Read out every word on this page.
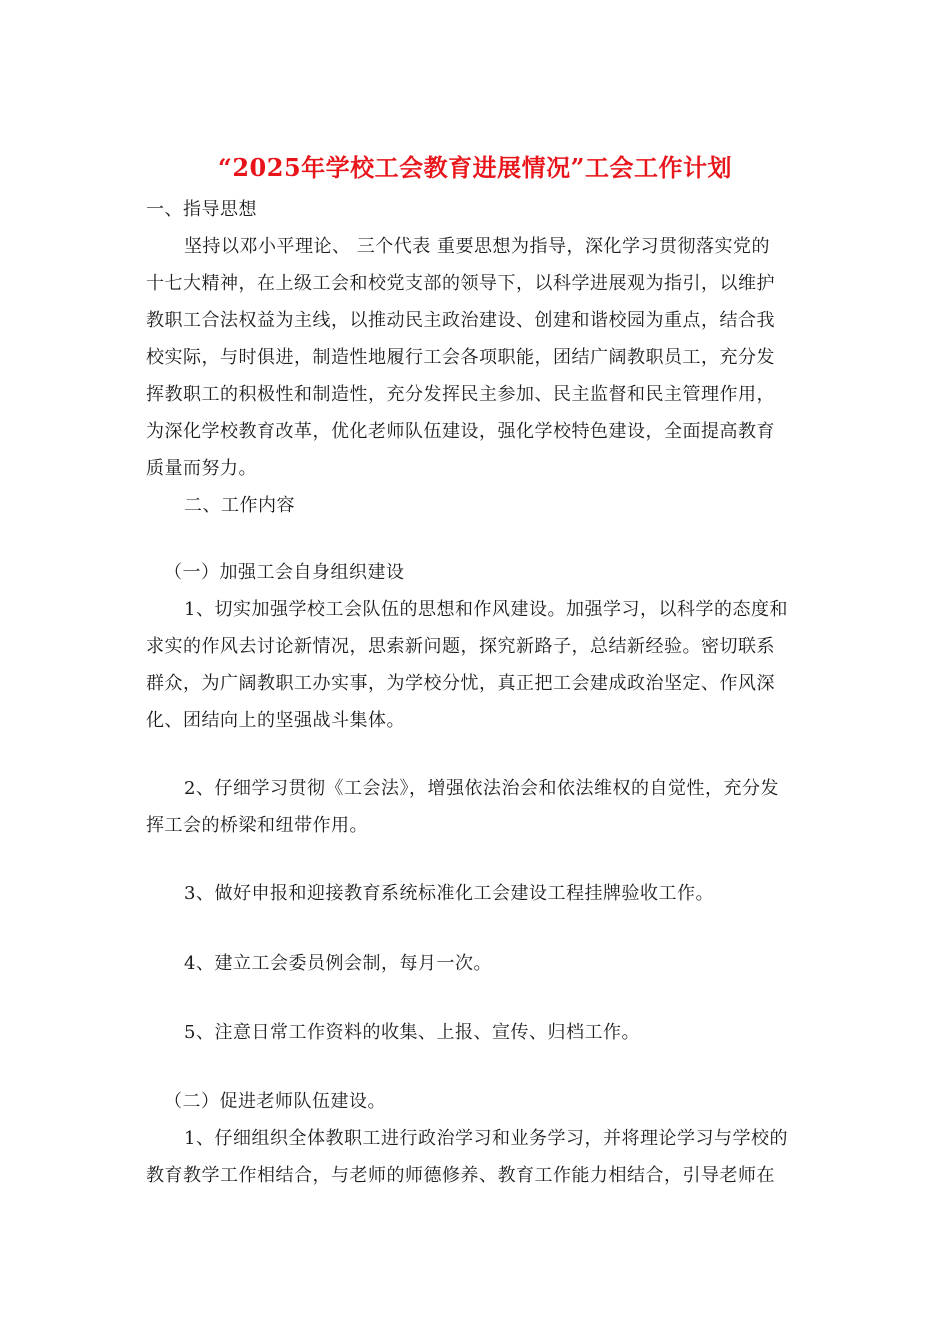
“2025年学校工会教育进展情况”工会工作计划

一、指导思想

坚持以邓小平理论、 三个代表 重要思想为指导，深化学习贯彻落实党的

十七大精神，在上级工会和校党支部的领导下，以科学进展观为指引，以维护

教职工合法权益为主线，以推动民主政治建设、创建和谐校园为重点，结合我

校实际，与时俱进，制造性地履行工会各项职能，团结广阔教职员工，充分发

挥教职工的积极性和制造性，充分发挥民主参加、民主监督和民主管理作用，

为深化学校教育改革，优化老师队伍建设，强化学校特色建设，全面提高教育

质量而努力。

二、工作内容

（一）加强工会自身组织建设

1、切实加强学校工会队伍的思想和作风建设。加强学习，以科学的态度和

求实的作风去讨论新情况，思索新问题，探究新路子，总结新经验。密切联系

群众，为广阔教职工办实事，为学校分忧，真正把工会建成政治坚定、作风深

化、团结向上的坚强战斗集体。

2、仔细学习贯彻《工会法》，增强依法治会和依法维权的自觉性，充分发

挥工会的桥梁和纽带作用。

3、做好申报和迎接教育系统标准化工会建设工程挂牌验收工作。

4、建立工会委员例会制，每月一次。

5、注意日常工作资料的收集、上报、宣传、归档工作。

（二）促进老师队伍建设。

1、仔细组织全体教职工进行政治学习和业务学习，并将理论学习与学校的

教育教学工作相结合，与老师的师德修养、教育工作能力相结合，引导老师在
